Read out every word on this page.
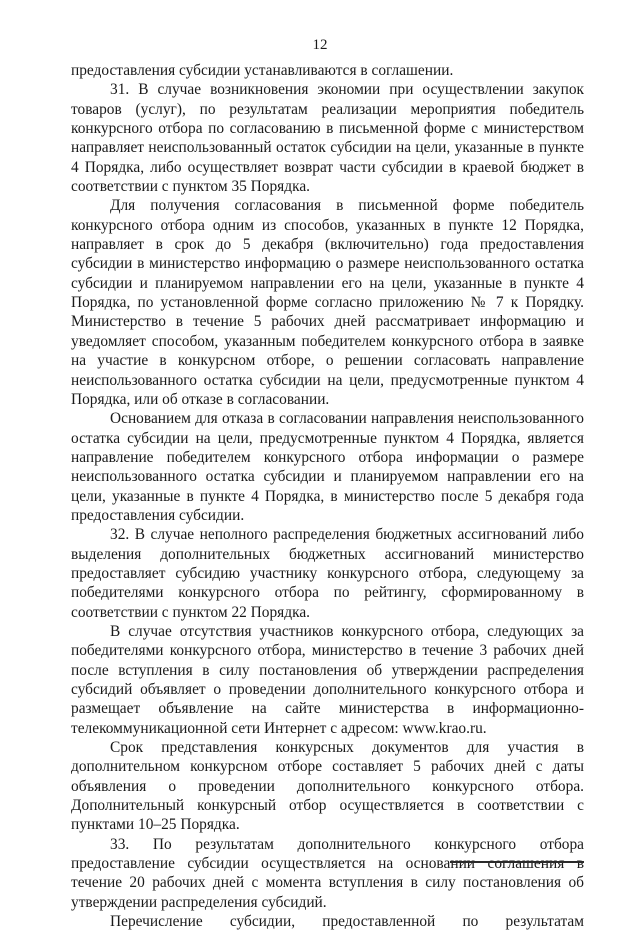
12

предоставления субсидии устанавливаются в соглашении.

31. В случае возникновения экономии при осуществлении закупок товаров (услуг), по результатам реализации мероприятия победитель конкурсного отбора по согласованию в письменной форме с министерством направляет неиспользованный остаток субсидии на цели, указанные в пункте 4 Порядка, либо осуществляет возврат части субсидии в краевой бюджет в соответствии с пунктом 35 Порядка.

Для получения согласования в письменной форме победитель конкурсного отбора одним из способов, указанных в пункте 12 Порядка, направляет в срок до 5 декабря (включительно) года предоставления субсидии в министерство информацию о размере неиспользованного остатка субсидии и планируемом направлении его на цели, указанные в пункте 4 Порядка, по установленной форме согласно приложению № 7 к Порядку. Министерство в течение 5 рабочих дней рассматривает информацию и уведомляет способом, указанным победителем конкурсного отбора в заявке на участие в конкурсном отборе, о решении согласовать направление неиспользованного остатка субсидии на цели, предусмотренные пунктом 4 Порядка, или об отказе в согласовании.

Основанием для отказа в согласовании направления неиспользованного остатка субсидии на цели, предусмотренные пунктом 4 Порядка, является направление победителем конкурсного отбора информации о размере неиспользованного остатка субсидии и планируемом направлении его на цели, указанные в пункте 4 Порядка, в министерство после 5 декабря года предоставления субсидии.

32. В случае неполного распределения бюджетных ассигнований либо выделения дополнительных бюджетных ассигнований министерство предоставляет субсидию участнику конкурсного отбора, следующему за победителями конкурсного отбора по рейтингу, сформированному в соответствии с пунктом 22 Порядка.

В случае отсутствия участников конкурсного отбора, следующих за победителями конкурсного отбора, министерство в течение 3 рабочих дней после вступления в силу постановления об утверждении распределения субсидий объявляет о проведении дополнительного конкурсного отбора и размещает объявление на сайте министерства в информационно-телекоммуникационной сети Интернет с адресом: www.krao.ru.

Срок представления конкурсных документов для участия в дополнительном конкурсном отборе составляет 5 рабочих дней с даты объявления о проведении дополнительного конкурсного отбора. Дополнительный конкурсный отбор осуществляется в соответствии с пунктами 10–25 Порядка.

33. По результатам дополнительного конкурсного отбора предоставление субсидии осуществляется на основании соглашения в течение 20 рабочих дней с момента вступления в силу постановления об утверждении распределения субсидий.

Перечисление субсидии, предоставленной по результатам
